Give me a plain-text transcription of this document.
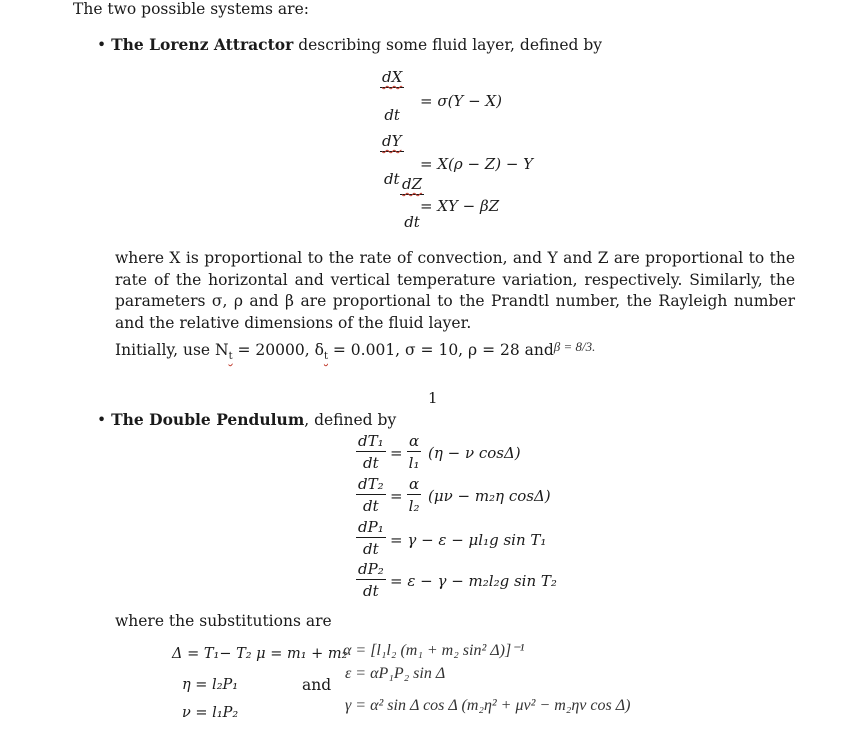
The two possible systems are:
• The Lorenz Attractor describing some fluid layer, defined by
$\frac{dX}{dt} = \sigma(Y - X)$
$\frac{dY}{dt} = X(\rho - Z) - Y$
$\frac{dZ}{dt}$
= XY − βZ
where X is proportional to the rate of convection, and Y and Z are proportional to the rate of the horizontal and vertical temperature variation, respectively. Similarly, the parameters σ, ρ and β are proportional to the Prandtl number, the Rayleigh number and the relative dimensions of the fluid layer.
Initially, use $N_t = 20000$, $\delta_t = 0.001$, σ = 10, ρ = 28 and$^{\beta = 8/3.}$
1
• The Double Pendulum, defined by
$\frac{\text{dT₁}}{dt} = \frac{\alpha}{\text{l₁}} (\eta - \nu$ cosΔ)
$\frac{\text{dT₂}}{dt} = \frac{\alpha}{\text{l₂}} (\mu\nu - m_2\eta$ cosΔ)
$\frac{\text{dP₁}}{dt} = \gamma - \varepsilon - \mu l_1g$ sin T₁
$\frac{\text{dP₂}}{dt} = \varepsilon - \gamma - m_2l_2g$ sin T₂
where the substitutions are
Δ = T₁− T₂ μ = m₁ + m₂
η = l₂P₁
ν = l₁P₂
and
α = [l₁l₂ (m₁ + m₂ sin² Δ)]⁻¹
ε = αP₁P₂ sin Δ
γ = α² sin Δ cos Δ (m₂η² + μν² − m₂ην cos Δ)
